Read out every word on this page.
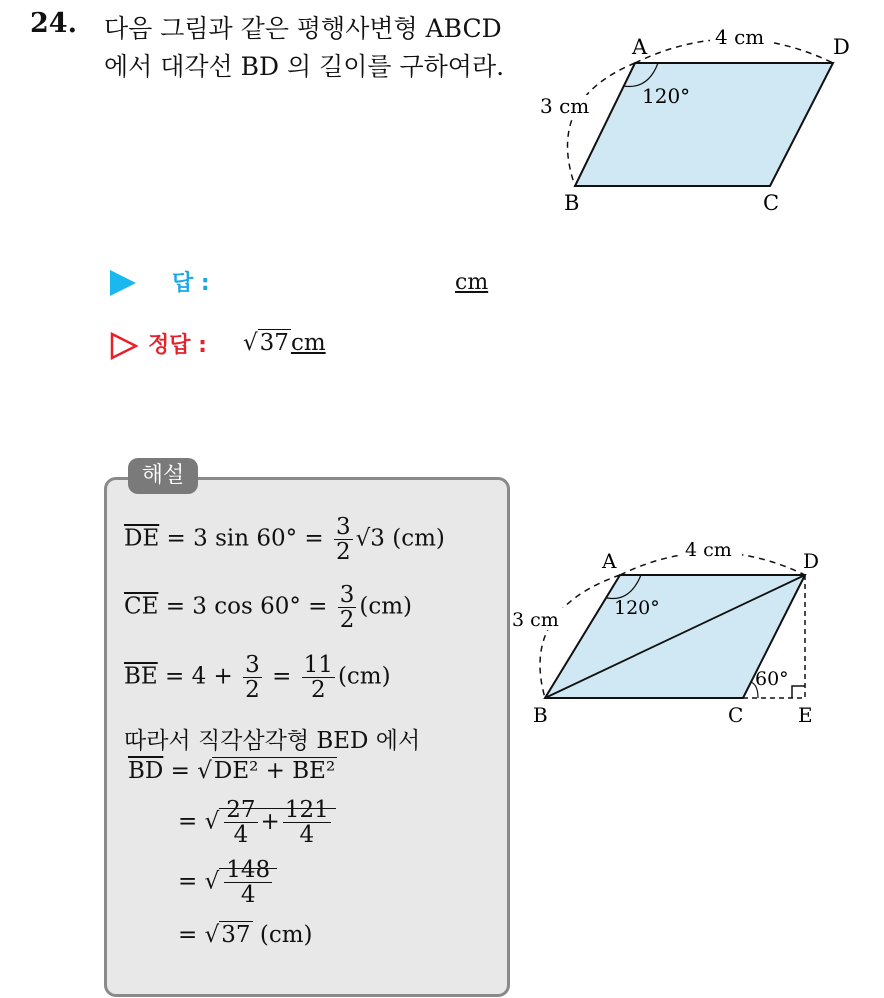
24. 다음 그림과 같은 평행사변형 ABCD 에서 대각선 BD 의 길이를 구하여라.
4 cm
3 cm	120°
A	D
B	C
답 :	cm
정답 : √37cm
해설
$\overline{DE} = 3$ $\sin 60^\circ = \frac{3}{2} √3$ (cm)
$\overline{CE} = 3$ $\cos 60^\circ = \frac{3}{2} (cm)$
$\overline{BE} = 4 + \frac{3}{2} = \frac{11}{2} (cm)$
따라서 직각삼각형 BED 에서
$\overline{BD} = √DE^2 + BE^2$
= √ $\frac{27}{4} + \frac{121}{4}$
= √ $\frac{148}{4}$
= √37 (cm)
4 cm
3 cm
120°
60°
A	D
B	C	E
